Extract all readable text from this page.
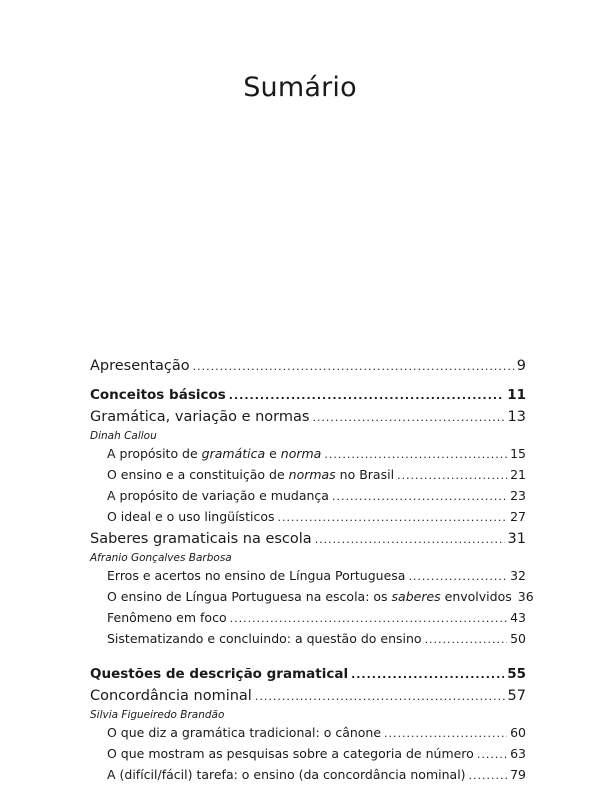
Sumário
Apresentação .....	9
Conceitos básicos .....	11
Gramática, variação e normas .....	13
Dinah Callou
A propósito de gramática e norma .....	15
O ensino e a constituição de normas no Brasil .....	21
A propósito de variação e mudança .....	23
O ideal e o uso lingüísticos .....	27
Saberes gramaticais na escola .....	31
Afranio Gonçalves Barbosa
Erros e acertos no ensino de Língua Portuguesa .....	32
O ensino de Língua Portuguesa na escola: os saberes envolvidos 36
Fenômeno em foco .....	43
Sistematizando e concluindo: a questão do ensino .....	50
Questões de descrição gramatical .....	55
Concordância nominal .....	57
Silvia Figueiredo Brandão
O que diz a gramática tradicional: o cânone .....	60
O que mostram as pesquisas sobre a categoria de número .....	63
A (difícil/fácil) tarefa: o ensino (da concordância nominal) .....	79
